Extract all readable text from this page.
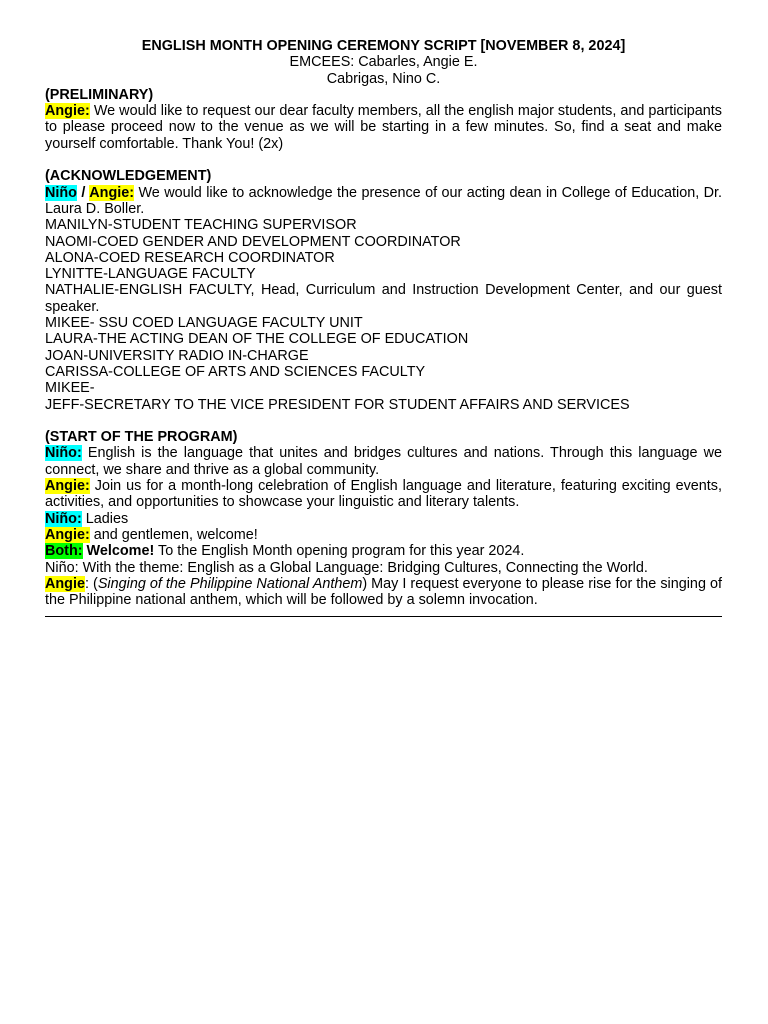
ENGLISH MONTH OPENING CEREMONY SCRIPT [NOVEMBER 8, 2024]

EMCEES: Cabarles, Angie E.

Cabrigas, Nino C.

(PRELIMINARY)

Angie: We would like to request our dear faculty members, all the english major students, and participants to please proceed now to the venue as we will be starting in a few minutes. So, find a seat and make yourself comfortable. Thank You! (2x)

(ACKNOWLEDGEMENT)

Niño / Angie: We would like to acknowledge the presence of our acting dean in College of Education, Dr. Laura D. Boller.

MANILYN-STUDENT TEACHING SUPERVISOR

NAOMI-COED GENDER AND DEVELOPMENT COORDINATOR

ALONA-COED RESEARCH COORDINATOR

LYNITTE-LANGUAGE FACULTY

NATHALIE-ENGLISH FACULTY, Head, Curriculum and Instruction Development Center, and our guest speaker.

MIKEE- SSU COED LANGUAGE FACULTY UNIT

LAURA-THE ACTING DEAN OF THE COLLEGE OF EDUCATION

JOAN-UNIVERSITY RADIO IN-CHARGE

CARISSA-COLLEGE OF ARTS AND SCIENCES FACULTY

MIKEE-

JEFF-SECRETARY TO THE VICE PRESIDENT FOR STUDENT AFFAIRS AND SERVICES

(START OF THE PROGRAM)

Niño: English is the language that unites and bridges cultures and nations. Through this language we connect, we share and thrive as a global community.

Angie: Join us for a month-long celebration of English language and literature, featuring exciting events, activities, and opportunities to showcase your linguistic and literary talents.

Niño: Ladies

Angie: and gentlemen, welcome!

Both: Welcome! To the English Month opening program for this year 2024.

Niño: With the theme: English as a Global Language: Bridging Cultures, Connecting the World.

Angie: (Singing of the Philippine National Anthem) May I request everyone to please rise for the singing of the Philippine national anthem, which will be followed by a solemn invocation.
